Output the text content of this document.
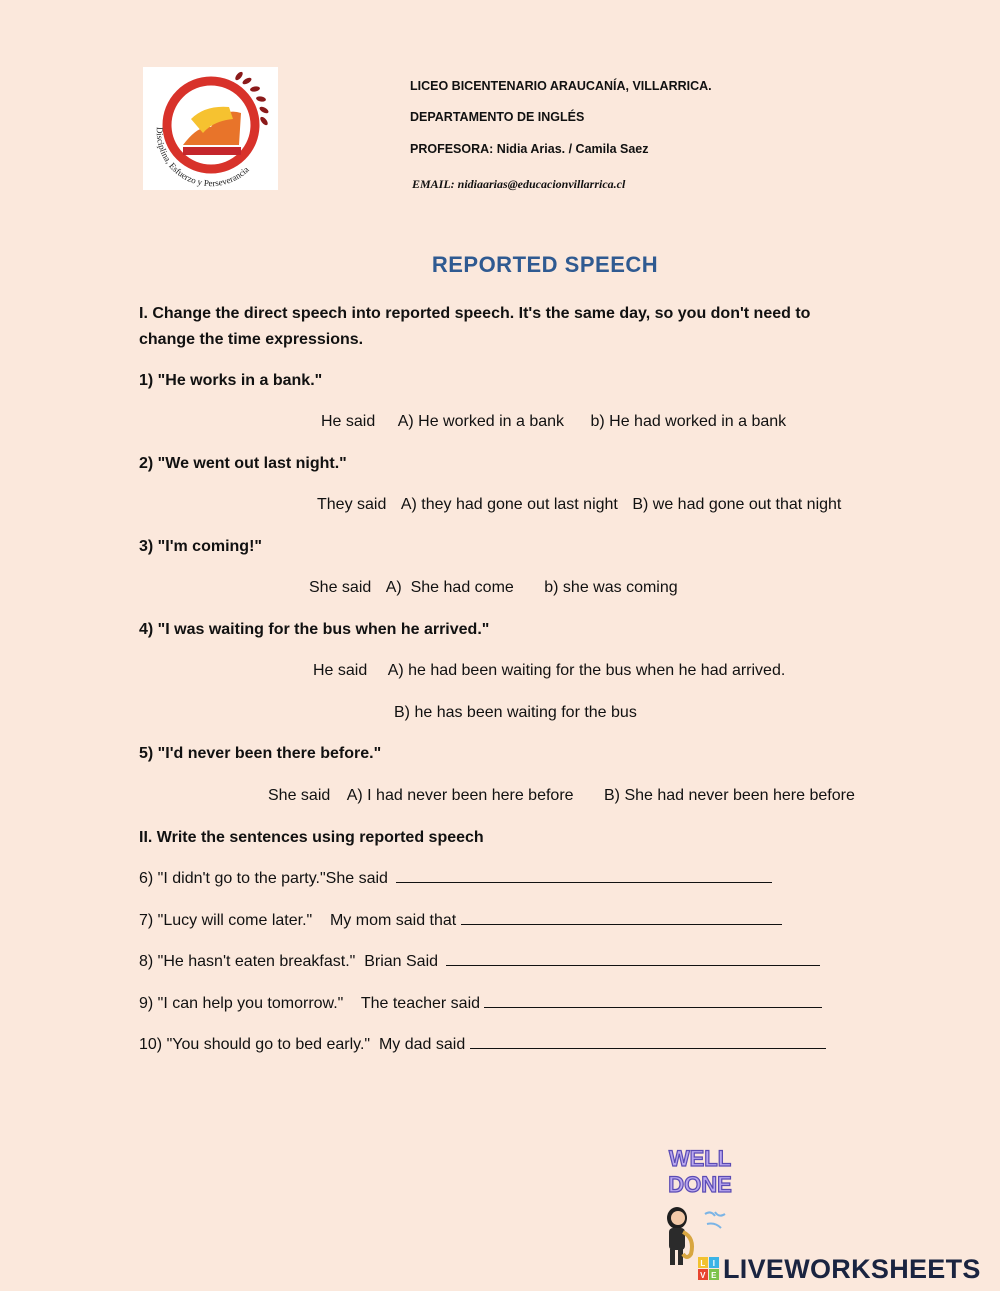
Disciplina, Esfuerzo y Perseverancia
LICEO BICENTENARIO ARAUCANÍA, VILLARRICA.
DEPARTAMENTO DE INGLÉS
PROFESORA: Nidia Arias. / Camila Saez
EMAIL: nidiaarias@educacionvillarrica.cl
REPORTED SPEECH
I. Change the direct speech into reported speech. It's the same day, so you don't need to change the time expressions.
1) "He works in a bank."
He said A) He worked in a bank b) He had worked in a bank
2) "We went out last night."
They said A) they had gone out last night B) we had gone out that night
3) "I'm coming!"
She said A)  She had come b) she was coming
4) "I was waiting for the bus when he arrived."
He said A) he had been waiting for the bus when he had arrived.
B) he has been waiting for the bus
5) "I'd never been there before."
She said A) I had never been here before B) She had never been here before
II. Write the sentences using reported speech
6) "I didn't go to the party."She said
7) "Lucy will come later."    My mom said that
8) "He hasn't eaten breakfast."  Brian Said
9) "I can help you tomorrow."    The teacher said
10) "You should go to bed early."  My dad said
WELL
DONE
L I
V E LIVEWORKSHEETS
